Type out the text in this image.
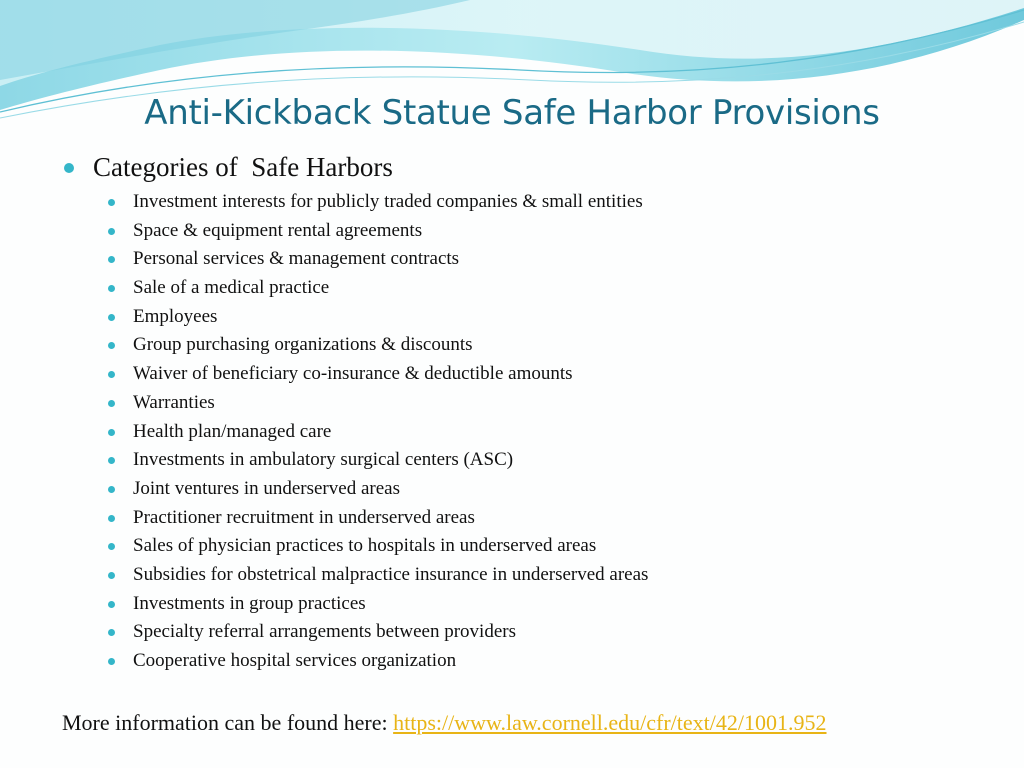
Anti-Kickback Statue Safe Harbor Provisions
Categories of  Safe Harbors
Investment interests for publicly traded companies & small entities
Space & equipment rental agreements
Personal services & management contracts
Sale of a medical practice
Employees
Group purchasing organizations & discounts
Waiver of beneficiary co-insurance & deductible amounts
Warranties
Health plan/managed care
Investments in ambulatory surgical centers (ASC)
Joint ventures in underserved areas
Practitioner recruitment in underserved areas
Sales of physician practices to hospitals in underserved areas
Subsidies for obstetrical malpractice insurance in underserved areas
Investments in group practices
Specialty referral arrangements between providers
Cooperative hospital services organization
More information can be found here: https://www.law.cornell.edu/cfr/text/42/1001.952
